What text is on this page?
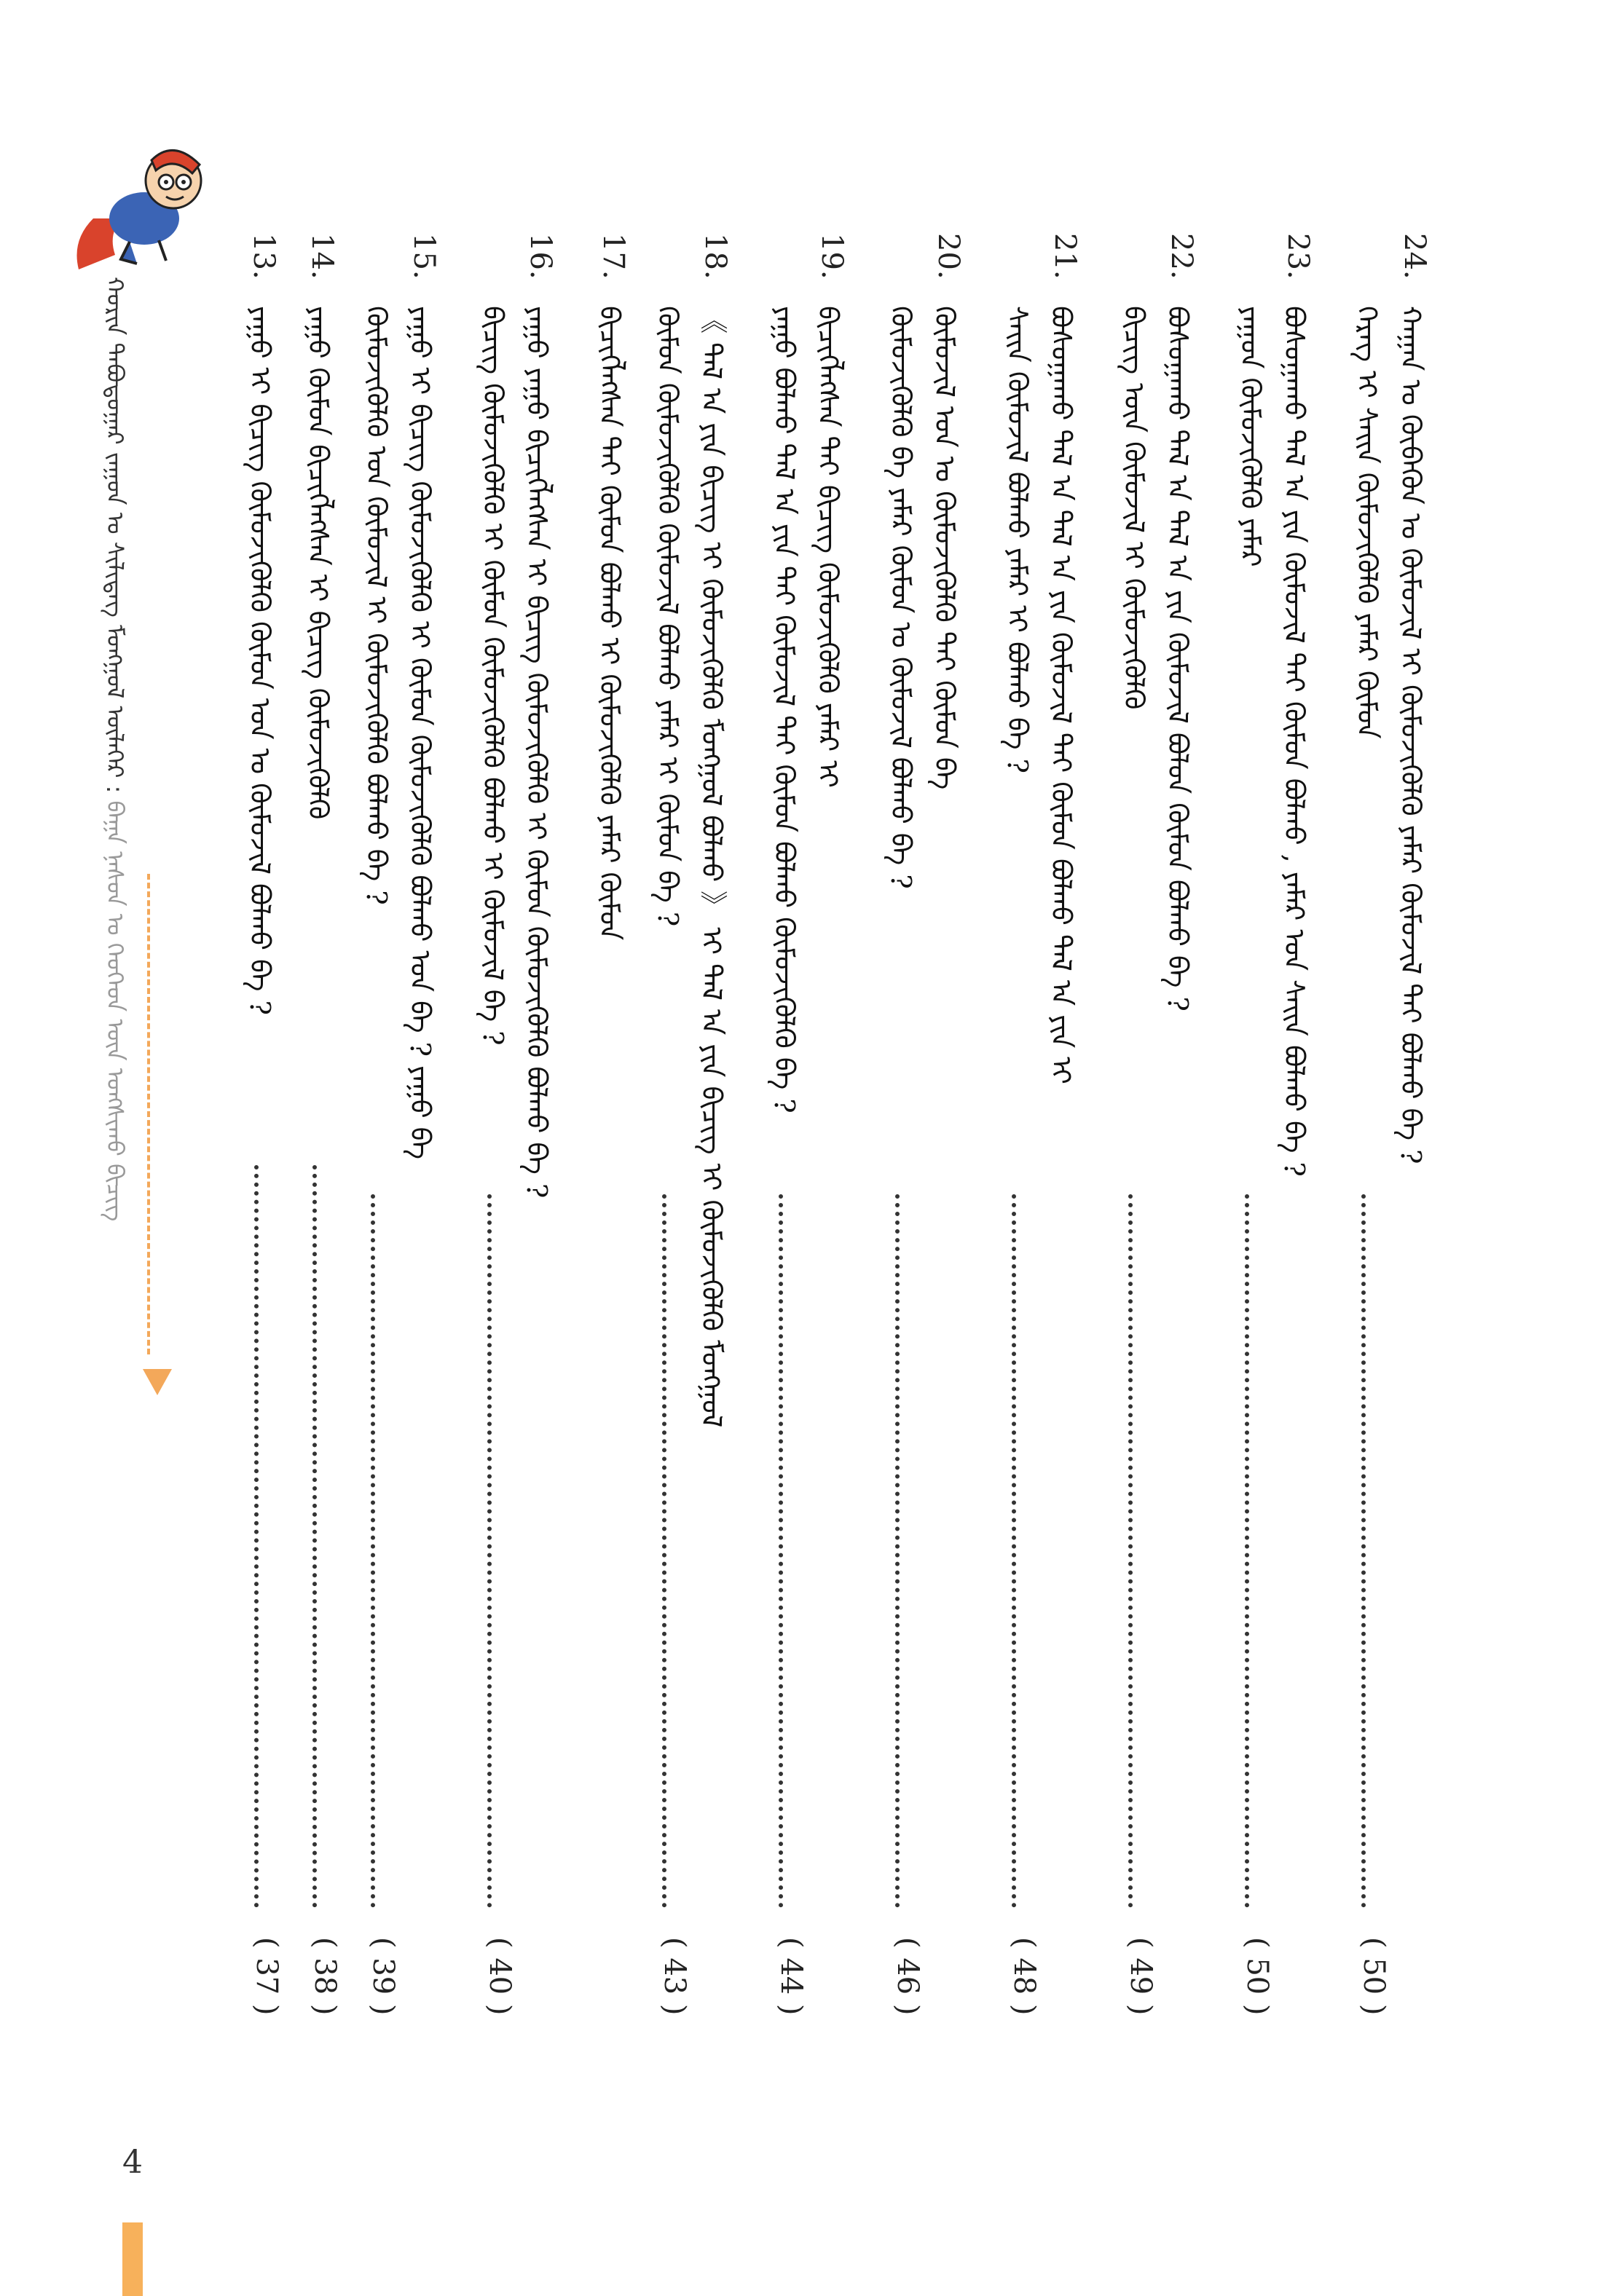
ᠬᠣᠷᠢᠨ ᠲᠠᠪᠤᠳᠤᠭᠠᠷ ᠵᠠᠭᠤᠨ ᠤ ᠰᠢᠯᠢᠳᠡᠭ ᠮᠣᠩᠭᠣᠯ ᠦᠯᠡᠭᠡᠷ : ᠪᠠᠭᠠ ᠨᠠᠰᠤᠨ ᠤ ᠬᠡᠦᠬᠡᠳ ᠦᠨ ᠤᠩᠰᠢᠬᠤ ᠪᠢᠴᠢᠭ
4
24.
ᠬᠠᠭᠠᠨ ᠤ ᠬᠦᠪᠡᠭᠦᠨ ᠤ ᠬᠦᠮᠦᠵᠢᠯ ᠢ ᠬᠦᠮᠦᠵᠢᠭᠦᠯᠬᠦ ᠶᠠᠮᠠᠷ ᠬᠦᠮᠦᠵᠢᠯ ᠲᠠᠢ ᠪᠣᠯᠬᠤ ᠪᠡ ?
ᠬᠡᠷᠡᠭ ᠢ ᠰᠠᠢᠨ ᠬᠦᠮᠦᠵᠢᠭᠦᠯᠬᠦ ᠶᠠᠮᠠᠷ ᠬᠦᠮᠦᠨ
( 50 )
23.
ᠪᠣᠰᠤᠭᠠᠬᠤ ᠲᠠᠯ ᠠ ᠶᠢᠨ ᠬᠦᠮᠦᠵᠢᠯ ᠲᠠᠢ ᠬᠦᠮᠦᠨ ᠪᠣᠯᠬᠤ , ᠶᠠᠮᠠᠷ ᠤᠨ ᠰᠠᠢᠨ ᠪᠣᠯᠬᠤ ᠪᠡ ?
ᠶᠠᠭᠤᠨ ᠬᠦᠮᠦᠵᠢᠭᠦᠯᠬᠦ ᠶᠠᠮᠠᠷ
( 50 )
22.
ᠪᠣᠰᠤᠭᠠᠬᠤ ᠲᠠᠯ ᠠ ᠲᠠᠯ ᠠ ᠶᠢᠨ ᠬᠦᠮᠦᠵᠢᠯ ᠪᠣᠯᠤᠨ ᠬᠦᠮᠦᠨ ᠪᠣᠯᠬᠤ ᠪᠡ ?
ᠪᠢᠴᠢᠭ ᠦᠨ ᠬᠦᠮᠦᠵᠢᠯ ᠢ ᠬᠦᠮᠦᠵᠢᠭᠦᠯᠬᠦ
( 49 )
21.
ᠪᠣᠰᠤᠭᠠᠬᠤ ᠲᠠᠯ ᠠ ᠲᠠᠯ ᠠ ᠶᠢᠨ ᠬᠦᠮᠦᠵᠢᠯ ᠲᠠᠢ ᠬᠦᠮᠦᠨ ᠪᠣᠯᠬᠤ ᠲᠠᠯ ᠠ ᠶᠢᠨ ᠢ
ᠰᠠᠢᠨ ᠬᠦᠮᠦᠵᠢᠯ ᠪᠣᠯᠬᠤ ᠶᠠᠮᠠᠷ ᠢ ᠪᠣᠯᠬᠤ ᠪᠡ ?
( 48 )
20.
ᠬᠦᠮᠦᠵᠢᠯ ᠤᠨ ᠤ ᠬᠦᠮᠦᠵᠢᠭᠦᠯᠬᠦ ᠲᠠᠢ ᠬᠦᠮᠦᠨ ᠪᠡ
ᠬᠦᠮᠦᠵᠢᠭᠦᠯᠬᠦ ᠪᠡ ᠶᠠᠮᠠᠷ ᠬᠦᠮᠦᠨ ᠤ ᠬᠦᠮᠦᠵᠢᠯ ᠪᠣᠯᠬᠤ ᠪᠡ ?
( 46 )
19.
ᠪᠢᠴᠢᠭᠯᠡᠭᠰᠡᠨ ᠲᠠᠢ ᠪᠢᠴᠢᠭ ᠬᠦᠮᠦᠵᠢᠭᠦᠯᠬᠦ ᠶᠠᠮᠠᠷ ᠢ
ᠶᠠᠭᠤ ᠪᠣᠯᠬᠤ ᠲᠠᠯ ᠠ ᠶᠢᠨ ᠲᠠᠢ ᠬᠦᠮᠦᠵᠢᠯ ᠲᠠᠢ ᠬᠦᠮᠦᠨ ᠪᠣᠯᠬᠤ ᠬᠦᠮᠦᠵᠢᠭᠦᠯᠬᠦ ᠪᠡ ?
( 44 )
18.
《 ᠲᠠᠯ ᠠ ᠶᠢᠨ ᠪᠢᠴᠢᠭ ᠢ ᠬᠦᠮᠦᠵᠢᠭᠦᠯᠬᠦ ᠮᠣᠩᠭᠣᠯ ᠪᠣᠯᠬᠤ 》 ᠢ ᠲᠠᠯ ᠠ ᠶᠢᠨ ᠪᠢᠴᠢᠭ ᠢ ᠬᠦᠮᠦᠵᠢᠭᠦᠯᠬᠦ ᠮᠣᠩᠭᠣᠯ
ᠬᠦᠮᠦᠨ ᠬᠦᠮᠦᠵᠢᠭᠦᠯᠬᠦ ᠬᠦᠮᠦᠵᠢᠯ ᠪᠣᠯᠬᠤ ᠶᠠᠮᠠᠷ ᠢ ᠬᠦᠮᠦᠨ ᠪᠡ ?
( 43 )
17.
ᠪᠢᠴᠢᠭᠯᠡᠭᠰᠡᠨ ᠲᠠᠢ ᠬᠦᠮᠦᠨ ᠪᠣᠯᠬᠤ ᠢ ᠬᠦᠮᠦᠵᠢᠭᠦᠯᠬᠦ ᠶᠠᠮᠠᠷ ᠬᠦᠮᠦᠨ
16.
ᠶᠠᠭᠤ ᠶᠠᠭᠤ ᠪᠢᠴᠢᠭᠯᠡᠭᠰᠡᠨ ᠢ ᠪᠢᠴᠢᠭ ᠬᠦᠮᠦᠵᠢᠭᠦᠯᠬᠦ ᠢ ᠬᠦᠮᠦᠨ ᠬᠦᠮᠦᠵᠢᠭᠦᠯᠬᠦ ᠪᠣᠯᠬᠤ ᠪᠡ ?
ᠪᠢᠴᠢᠭ ᠬᠦᠮᠦᠵᠢᠭᠦᠯᠬᠦ ᠢ ᠬᠦᠮᠦᠨ ᠬᠦᠮᠦᠵᠢᠭᠦᠯᠬᠦ ᠪᠣᠯᠬᠤ ᠢ ᠬᠦᠮᠦᠵᠢᠯ ᠪᠡ ?
( 40 )
15.
ᠶᠠᠭᠤ ᠢ ᠪᠢᠴᠢᠭ ᠬᠦᠮᠦᠵᠢᠭᠦᠯᠬᠦ ᠢ ᠬᠦᠮᠦᠨ ᠬᠦᠮᠦᠵᠢᠭᠦᠯᠬᠦ ᠪᠣᠯᠬᠤ ᠤᠨ ᠪᠡ ? ᠶᠠᠭᠤ ᠪᠡ
ᠬᠦᠮᠦᠵᠢᠭᠦᠯᠬᠦ ᠤᠨ ᠬᠦᠮᠦᠵᠢᠯ ᠢ ᠬᠦᠮᠦᠵᠢᠭᠦᠯᠬᠦ ᠪᠣᠯᠬᠤ ᠪᠡ ?
( 39 )
14.
ᠶᠠᠭᠤ ᠬᠦᠮᠦᠨ ᠪᠢᠴᠢᠭᠯᠡᠭᠰᠡᠨ ᠢ ᠪᠢᠴᠢᠭ ᠬᠦᠮᠦᠵᠢᠭᠦᠯᠬᠦ
( 38 )
13.
ᠶᠠᠭᠤ ᠢ ᠪᠢᠴᠢᠭ ᠬᠦᠮᠦᠵᠢᠭᠦᠯᠬᠦ ᠬᠦᠮᠦᠨ ᠤᠨ ᠤ ᠬᠦᠮᠦᠵᠢᠯ ᠪᠣᠯᠬᠤ ᠪᠡ ?
( 37 )
